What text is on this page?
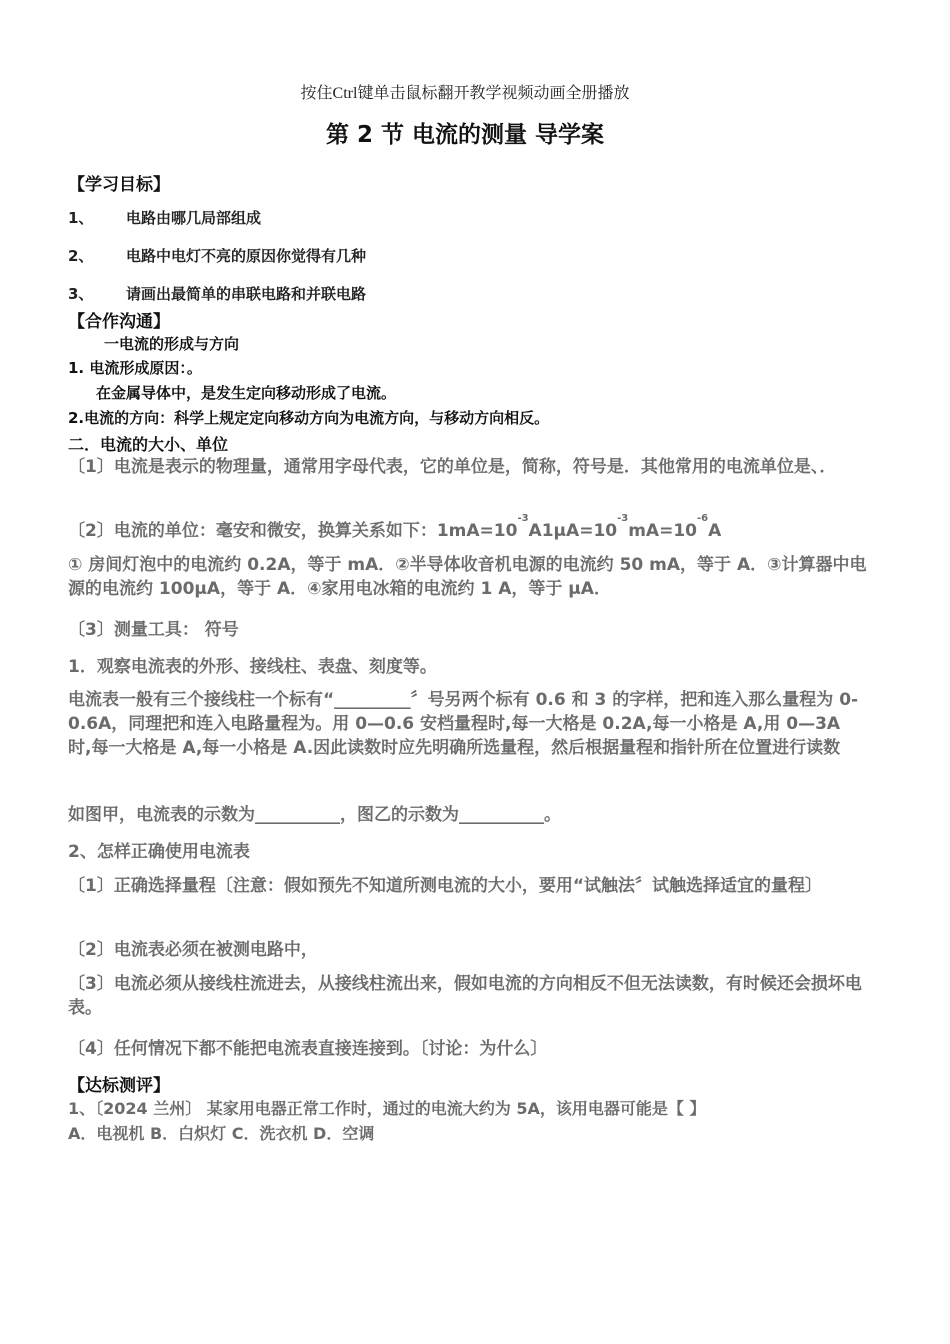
按住Ctrl键单击鼠标翻开教学视频动画全册播放
第 2 节 电流的测量 导学案
【学习目标】
1、 电路由哪几局部组成
2、 电路中电灯不亮的原因你觉得有几种
3、 请画出最简单的串联电路和并联电路
【合作沟通】
一电流的形成与方向
1. 电流形成原因：。
在金属导体中，是发生定向移动形成了电流。
2.电流的方向：科学上规定定向移动方向为电流方向，与移动方向相反。
二．电流的大小、单位
〔1〕电流是表示的物理量，通常用字母代表，它的单位是，简称，符号是．其他常用的电流单位是、．
〔2〕电流的单位：毫安和微安，换算关系如下：$1mA=10^{-3}A1\mu A=10^{-3}mA=10^{-6}A$
① 房间灯泡中的电流约 0.2A，等于 mA．②半导体收音机电源的电流约 50 mA，等于 A．③计算器中电源的电流约 100μA，等于 A．④家用电冰箱的电流约 1 A，等于 μA．
〔3〕测量工具： 符号
1．观察电流表的外形、接线柱、表盘、刻度等。
电流表一般有三个接线柱一个标有“_________〞号另两个标有 0.6 和 3 的字样，把和连入那么量程为 0-0.6A，同理把和连入电路量程为。用 0—0.6 安档量程时,每一大格是 0.2A,每一小格是 A,用 0—3A 时,每一大格是 A,每一小格是 A.因此读数时应先明确所选量程，然后根据量程和指针所在位置进行读数
如图甲，电流表的示数为__________，图乙的示数为__________。
2、怎样正确使用电流表
〔1〕正确选择量程〔注意：假如预先不知道所测电流的大小，要用“试触法〞试触选择适宜的量程〕
〔2〕电流表必须在被测电路中，
〔3〕电流必须从接线柱流进去，从接线柱流出来，假如电流的方向相反不但无法读数，有时候还会损坏电表。
〔4〕任何情况下都不能把电流表直接连接到。〔讨论：为什么〕
【达标测评】
1、〔2024 兰州〕 某家用电器正常工作时，通过的电流大约为 5A，该用电器可能是【 】
A．电视机 B．白炽灯 C．洗衣机 D．空调
